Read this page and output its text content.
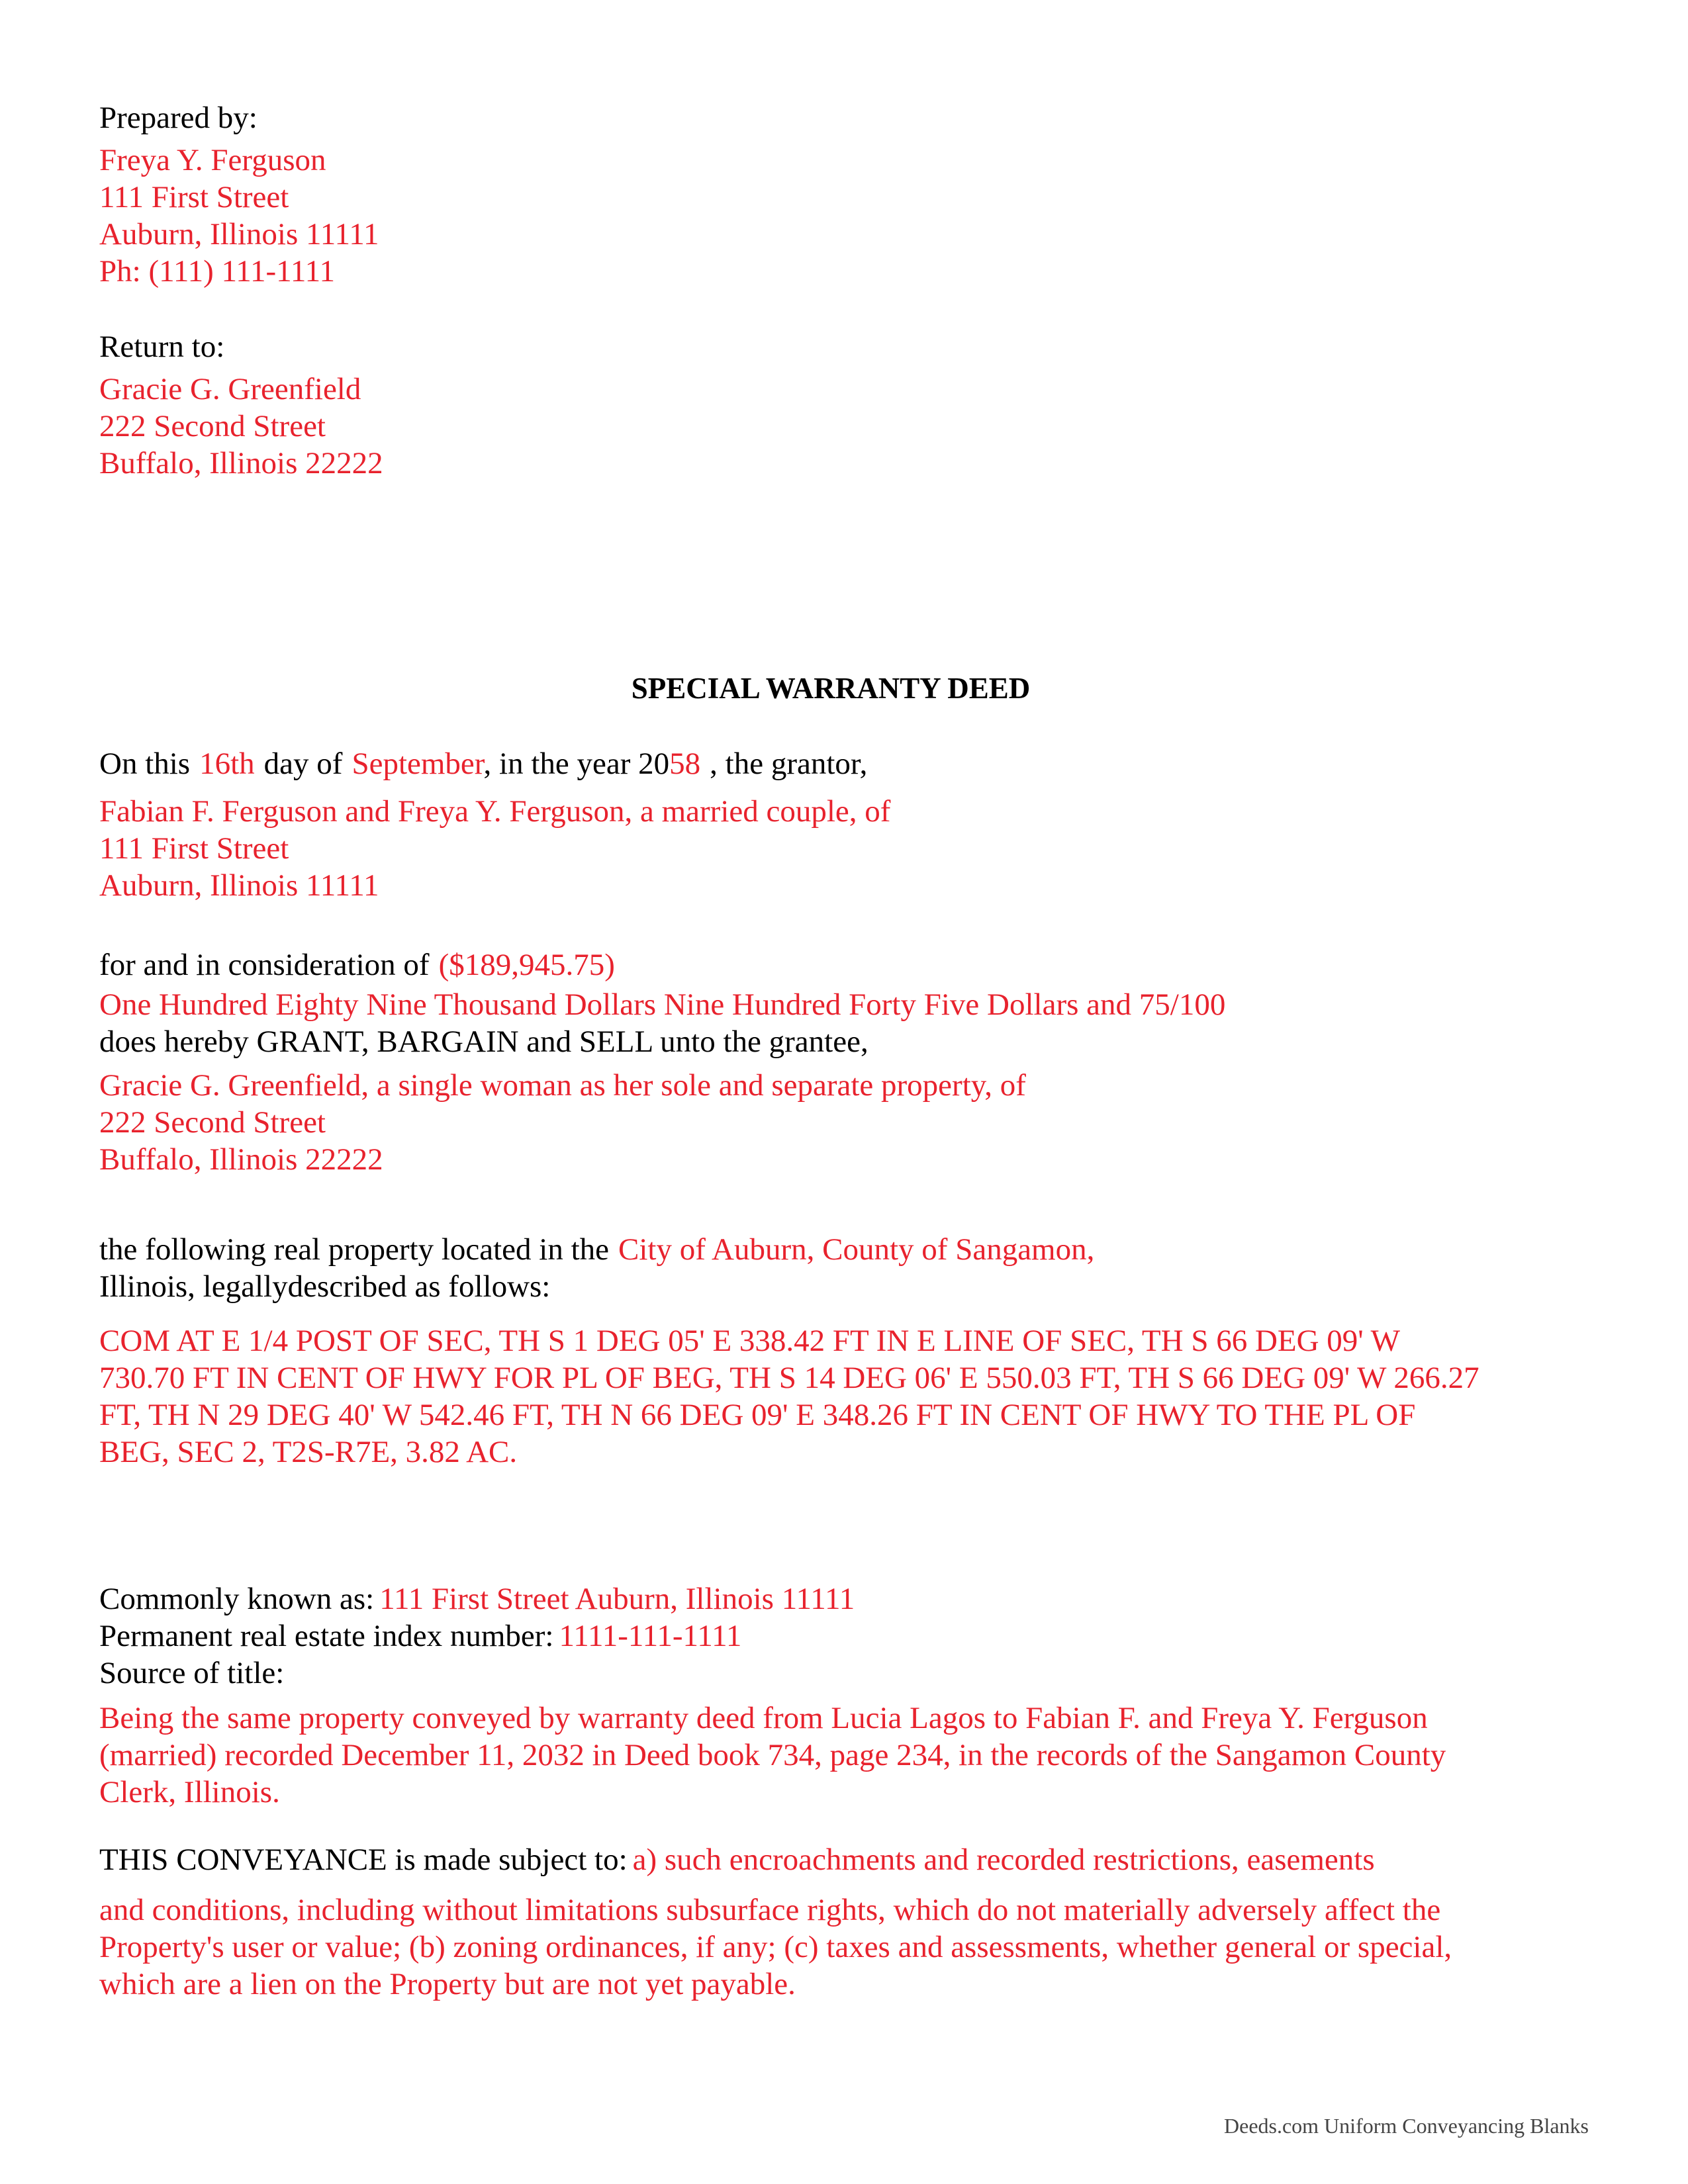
Prepared by:
Freya Y. Ferguson
111 First Street
Auburn, Illinois 11111
Ph: (111) 111-1111
Return to:
Gracie G. Greenfield
222 Second Street
Buffalo, Illinois 22222
SPECIAL WARRANTY DEED
On this 16th day of September, in the year 2058 , the grantor,
Fabian F. Ferguson and Freya Y. Ferguson, a married couple, of
111 First Street
Auburn, Illinois 11111
for and in consideration of ($189,945.75)
One Hundred Eighty Nine Thousand Dollars Nine Hundred Forty Five Dollars and 75/100
does hereby GRANT, BARGAIN and SELL unto the grantee,
Gracie G. Greenfield, a single woman as her sole and separate property, of
222 Second Street
Buffalo, Illinois 22222
the following real property located in the City of Auburn, County of Sangamon,
Illinois, legallydescribed as follows:
COM AT E 1/4 POST OF SEC, TH S 1 DEG 05' E 338.42 FT IN E LINE OF SEC, TH S 66 DEG 09' W
730.70 FT IN CENT OF HWY FOR PL OF BEG, TH S 14 DEG 06' E 550.03 FT, TH S 66 DEG 09' W 266.27
FT, TH N 29 DEG 40' W 542.46 FT, TH N 66 DEG 09' E 348.26 FT IN CENT OF HWY TO THE PL OF
BEG, SEC 2, T2S-R7E, 3.82 AC.
Commonly known as: 111 First Street Auburn, Illinois 11111
Permanent real estate index number: 1111-111-1111
Source of title:
Being the same property conveyed by warranty deed from Lucia Lagos to Fabian F. and Freya Y. Ferguson
(married) recorded December 11, 2032 in Deed book 734, page 234, in the records of the Sangamon County
Clerk, Illinois.
THIS CONVEYANCE is made subject to: a) such encroachments and recorded restrictions, easements
and conditions, including without limitations subsurface rights, which do not materially adversely affect the
Property's user or value; (b) zoning ordinances, if any; (c) taxes and assessments, whether general or special,
which are a lien on the Property but are not yet payable.
Deeds.com Uniform Conveyancing Blanks
